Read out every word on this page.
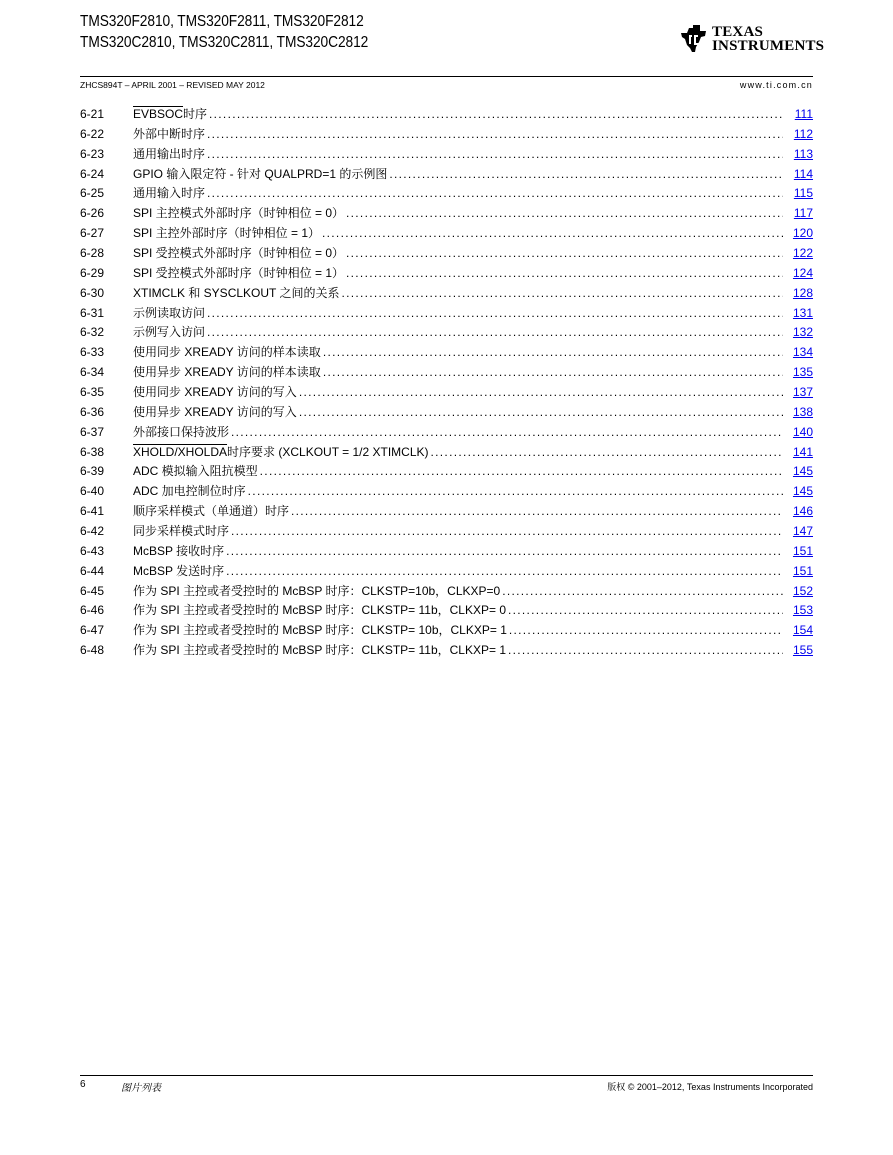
TMS320F2810, TMS320F2811, TMS320F2812
TMS320C2810, TMS320C2811, TMS320C2812
TEXAS
INSTRUMENTS
ZHCS894T – APRIL 2001 – REVISED MAY 2012	www.ti.com.cn
6-21	EVBSOC时序 .....	111
6-22	外部中断时序 .....	112
6-23	通用输出时序 .....	113
6-24	GPIO 输入限定符 - 针对 QUALPRD=1 的示例图 .....	114
6-25	通用输入时序 .....	115
6-26	SPI 主控模式外部时序（时钟相位 = 0） .....	117
6-27	SPI 主控外部时序（时钟相位 = 1） .....	120
6-28	SPI 受控模式外部时序（时钟相位 = 0） .....	122
6-29	SPI 受控模式外部时序（时钟相位 = 1） .....	124
6-30	XTIMCLK 和 SYSCLKOUT 之间的关系 .....	128
6-31	示例读取访问 .....	131
6-32	示例写入访问 .....	132
6-33	使用同步 XREADY 访问的样本读取 .....	134
6-34	使用异步 XREADY 访问的样本读取 .....	135
6-35	使用同步 XREADY 访问的写入 .....	137
6-36	使用异步 XREADY 访问的写入 .....	138
6-37	外部接口保持波形 .....	140
6-38	XHOLD/XHOLDA时序要求 (XCLKOUT = 1/2 XTIMCLK) .....	141
6-39	ADC 模拟输入阻抗模型 .....	145
6-40	ADC 加电控制位时序 .....	145
6-41	顺序采样模式（单通道）时序 .....	146
6-42	同步采样模式时序 .....	147
6-43	McBSP 接收时序 .....	151
6-44	McBSP 发送时序 .....	151
6-45	作为 SPI 主控或者受控时的 McBSP 时序：CLKSTP=10b，CLKXP=0 .....	152
6-46	作为 SPI 主控或者受控时的 McBSP 时序：CLKSTP= 11b，CLKXP= 0 .....	153
6-47	作为 SPI 主控或者受控时的 McBSP 时序：CLKSTP= 10b，CLKXP= 1 .....	154
6-48	作为 SPI 主控或者受控时的 McBSP 时序：CLKSTP= 11b，CLKXP= 1 .....	155
6	图片列表	版权 © 2001–2012, Texas Instruments Incorporated
